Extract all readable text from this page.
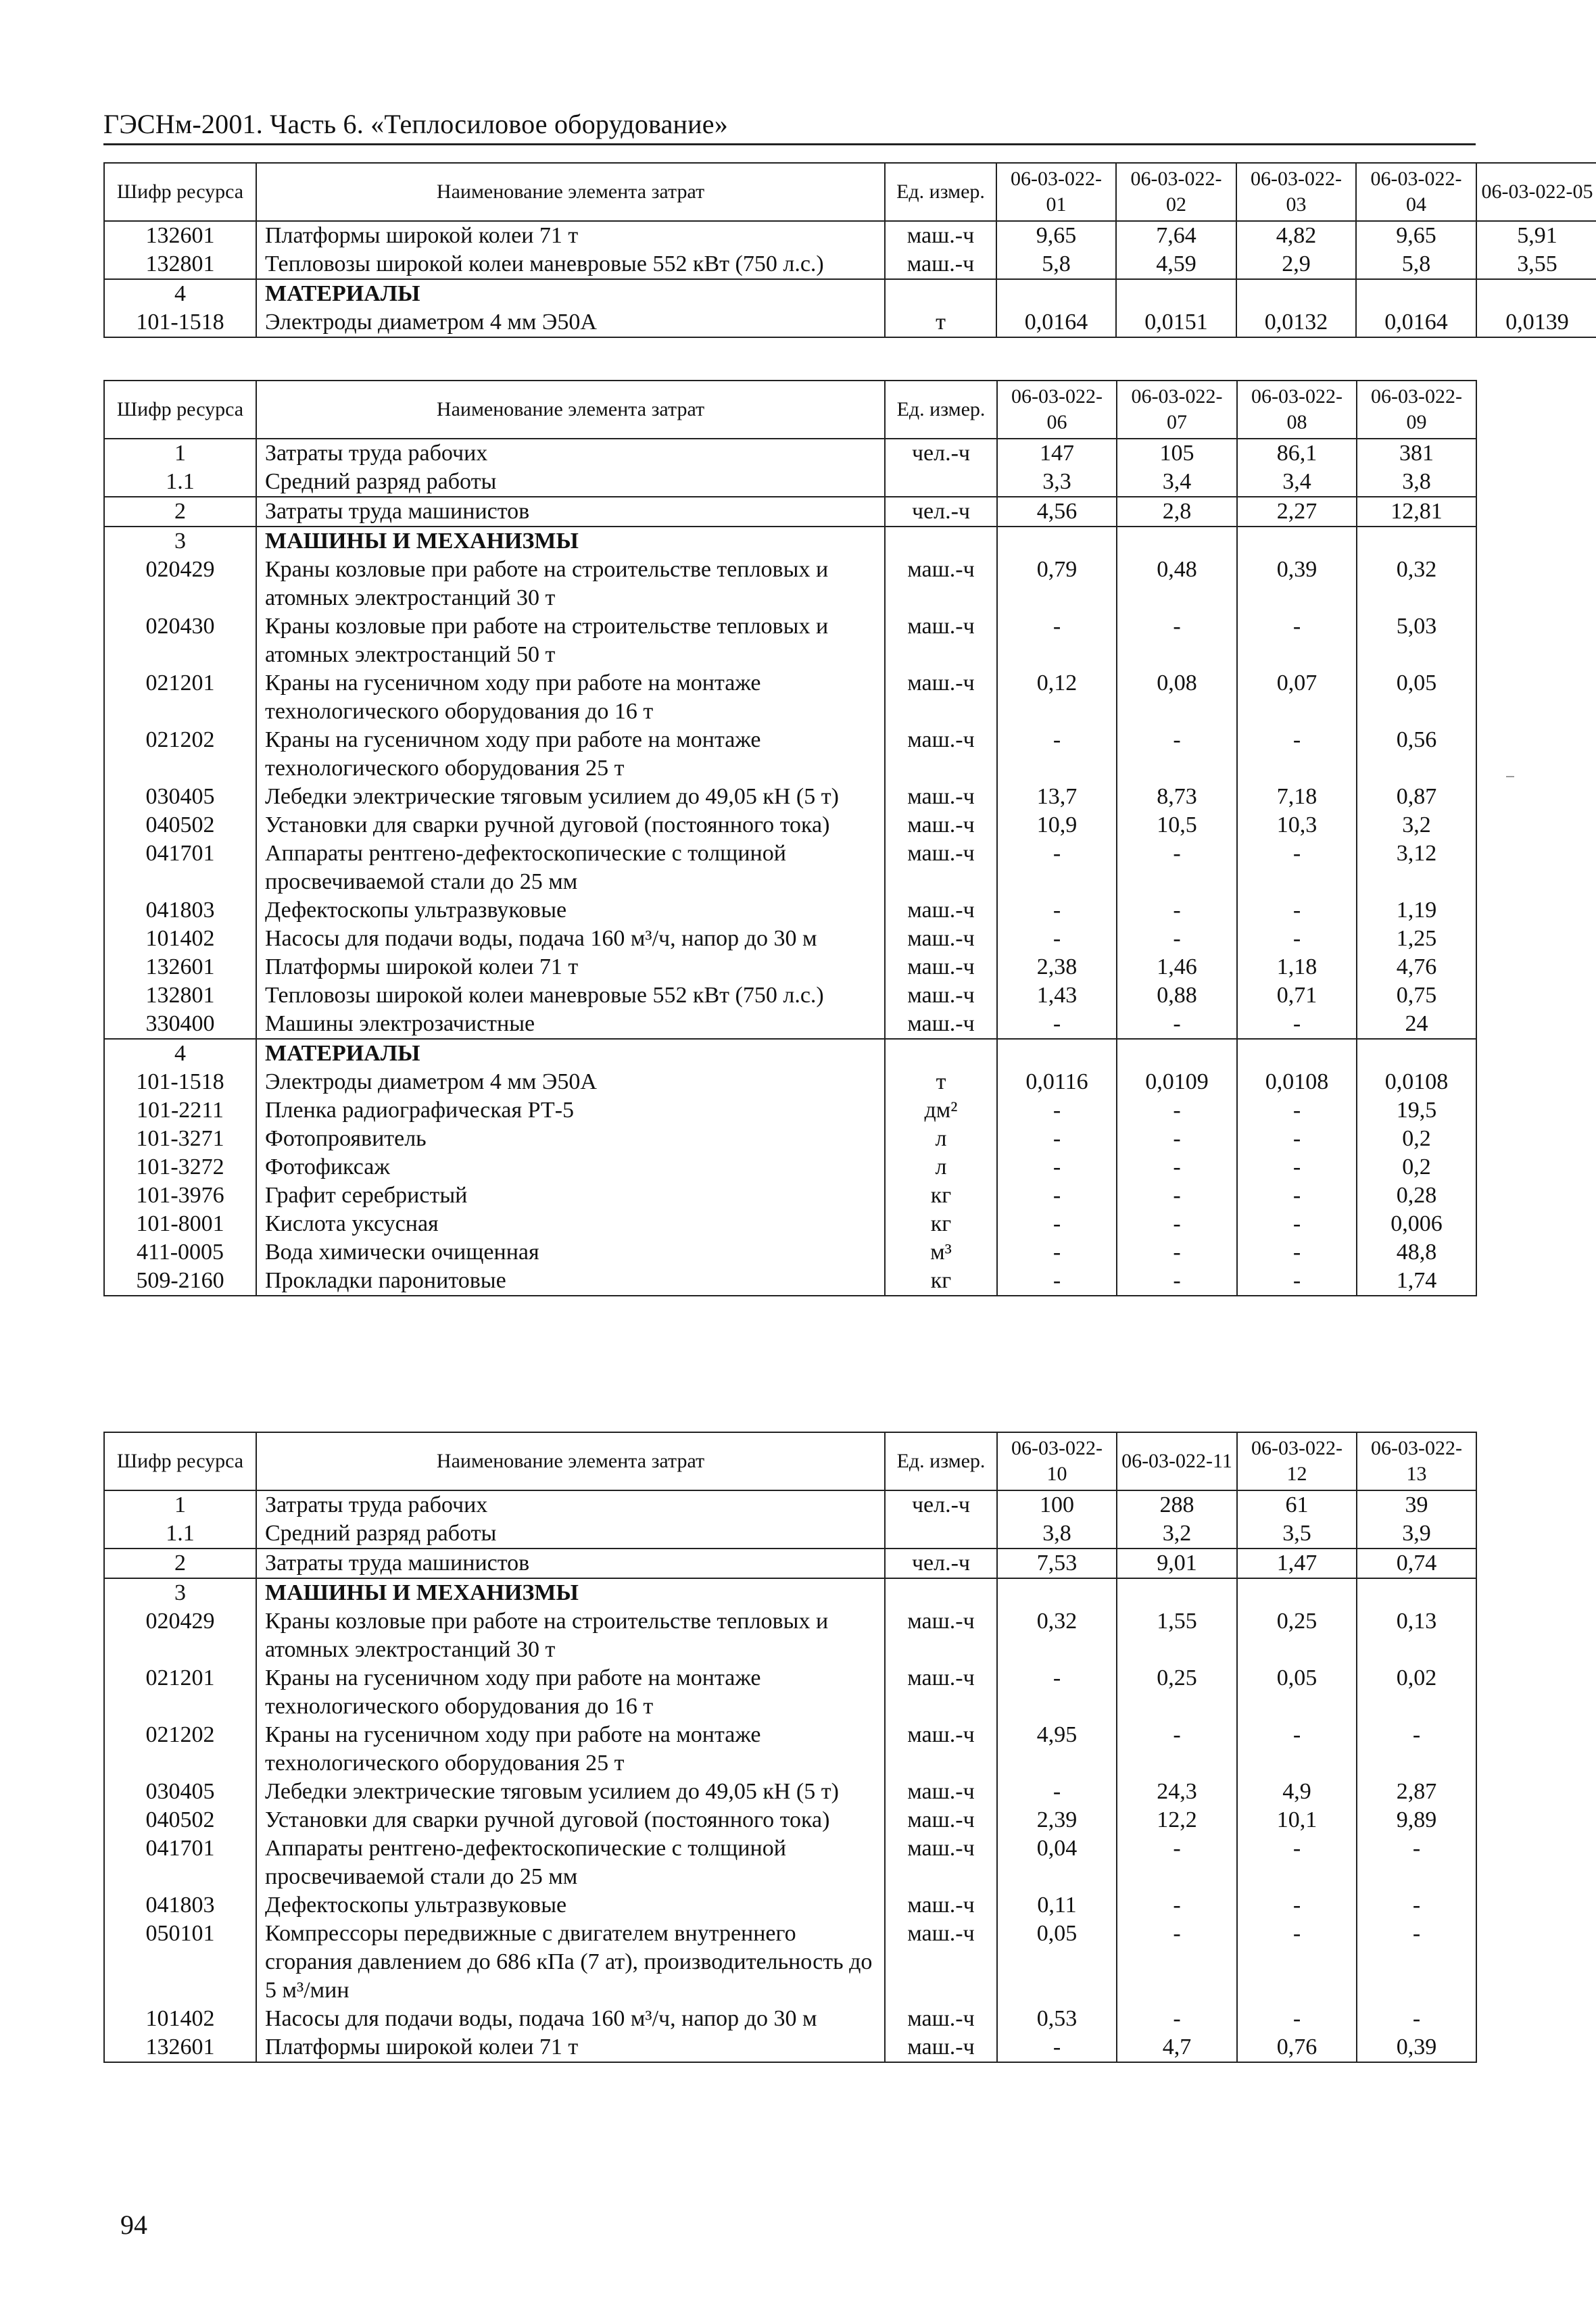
ГЭСНм-2001. Часть 6. «Теплосиловое оборудование»
Шифр ресурса	Наименование элемента затрат	Ед. измер.	06-03-022-01	06-03-022-02	06-03-022-03	06-03-022-04	06-03-022-05
132601	Платформы широкой колеи 71 т	маш.-ч	9,65	7,64	4,82	9,65	5,91
132801	Тепловозы широкой колеи маневровые 552 кВт (750 л.с.)	маш.-ч	5,8	4,59	2,9	5,8	3,55
4	МАТЕРИАЛЫ						
101-1518	Электроды диаметром 4 мм Э50А	т	0,0164	0,0151	0,0132	0,0164	0,0139
Шифр ресурса	Наименование элемента затрат	Ед. измер.	06-03-022-06	06-03-022-07	06-03-022-08	06-03-022-09
1	Затраты труда рабочих	чел.-ч	147	105	86,1	381
1.1	Средний разряд работы		3,3	3,4	3,4	3,8
2	Затраты труда машинистов	чел.-ч	4,56	2,8	2,27	12,81
3	МАШИНЫ И МЕХАНИЗМЫ					
020429	Краны козловые при работе на строительстве тепловых и атомных электростанций 30 т	маш.-ч	0,79	0,48	0,39	0,32
020430	Краны козловые при работе на строительстве тепловых и атомных электростанций 50 т	маш.-ч	-	-	-	5,03
021201	Краны на гусеничном ходу при работе на монтаже технологического оборудования до 16 т	маш.-ч	0,12	0,08	0,07	0,05
021202	Краны на гусеничном ходу при работе на монтаже технологического оборудования 25 т	маш.-ч	-	-	-	0,56
030405	Лебедки электрические тяговым усилием до 49,05 кН (5 т)	маш.-ч	13,7	8,73	7,18	0,87
040502	Установки для сварки ручной дуговой (постоянного тока)	маш.-ч	10,9	10,5	10,3	3,2
041701	Аппараты рентгено-дефектоскопические с толщиной просвечиваемой стали до 25 мм	маш.-ч	-	-	-	3,12
041803	Дефектоскопы ультразвуковые	маш.-ч	-	-	-	1,19
101402	Насосы для подачи воды, подача 160 м³/ч, напор до 30 м	маш.-ч	-	-	-	1,25
132601	Платформы широкой колеи 71 т	маш.-ч	2,38	1,46	1,18	4,76
132801	Тепловозы широкой колеи маневровые 552 кВт (750 л.с.)	маш.-ч	1,43	0,88	0,71	0,75
330400	Машины электрозачистные	маш.-ч	-	-	-	24
4	МАТЕРИАЛЫ					
101-1518	Электроды диаметром 4 мм Э50А	т	0,0116	0,0109	0,0108	0,0108
101-2211	Пленка радиографическая РТ-5	дм²	-	-	-	19,5
101-3271	Фотопроявитель	л	-	-	-	0,2
101-3272	Фотофиксаж	л	-	-	-	0,2
101-3976	Графит серебристый	кг	-	-	-	0,28
101-8001	Кислота уксусная	кг	-	-	-	0,006
411-0005	Вода химически очищенная	м³	-	-	-	48,8
509-2160	Прокладки паронитовые	кг	-	-	-	1,74
Шифр ресурса	Наименование элемента затрат	Ед. измер.	06-03-022-10	06-03-022-11	06-03-022-12	06-03-022-13
1	Затраты труда рабочих	чел.-ч	100	288	61	39
1.1	Средний разряд работы		3,8	3,2	3,5	3,9
2	Затраты труда машинистов	чел.-ч	7,53	9,01	1,47	0,74
3	МАШИНЫ И МЕХАНИЗМЫ					
020429	Краны козловые при работе на строительстве тепловых и атомных электростанций 30 т	маш.-ч	0,32	1,55	0,25	0,13
021201	Краны на гусеничном ходу при работе на монтаже технологического оборудования до 16 т	маш.-ч	-	0,25	0,05	0,02
021202	Краны на гусеничном ходу при работе на монтаже технологического оборудования 25 т	маш.-ч	4,95	-	-	-
030405	Лебедки электрические тяговым усилием до 49,05 кН (5 т)	маш.-ч	-	24,3	4,9	2,87
040502	Установки для сварки ручной дуговой (постоянного тока)	маш.-ч	2,39	12,2	10,1	9,89
041701	Аппараты рентгено-дефектоскопические с толщиной просвечиваемой стали до 25 мм	маш.-ч	0,04	-	-	-
041803	Дефектоскопы ультразвуковые	маш.-ч	0,11	-	-	-
050101	Компрессоры передвижные с двигателем внутреннего сгорания давлением до 686 кПа (7 ат), производительность до 5 м³/мин	маш.-ч	0,05	-	-	-
101402	Насосы для подачи воды, подача 160 м³/ч, напор до 30 м	маш.-ч	0,53	-	-	-
132601	Платформы широкой колеи 71 т	маш.-ч	-	4,7	0,76	0,39
94
